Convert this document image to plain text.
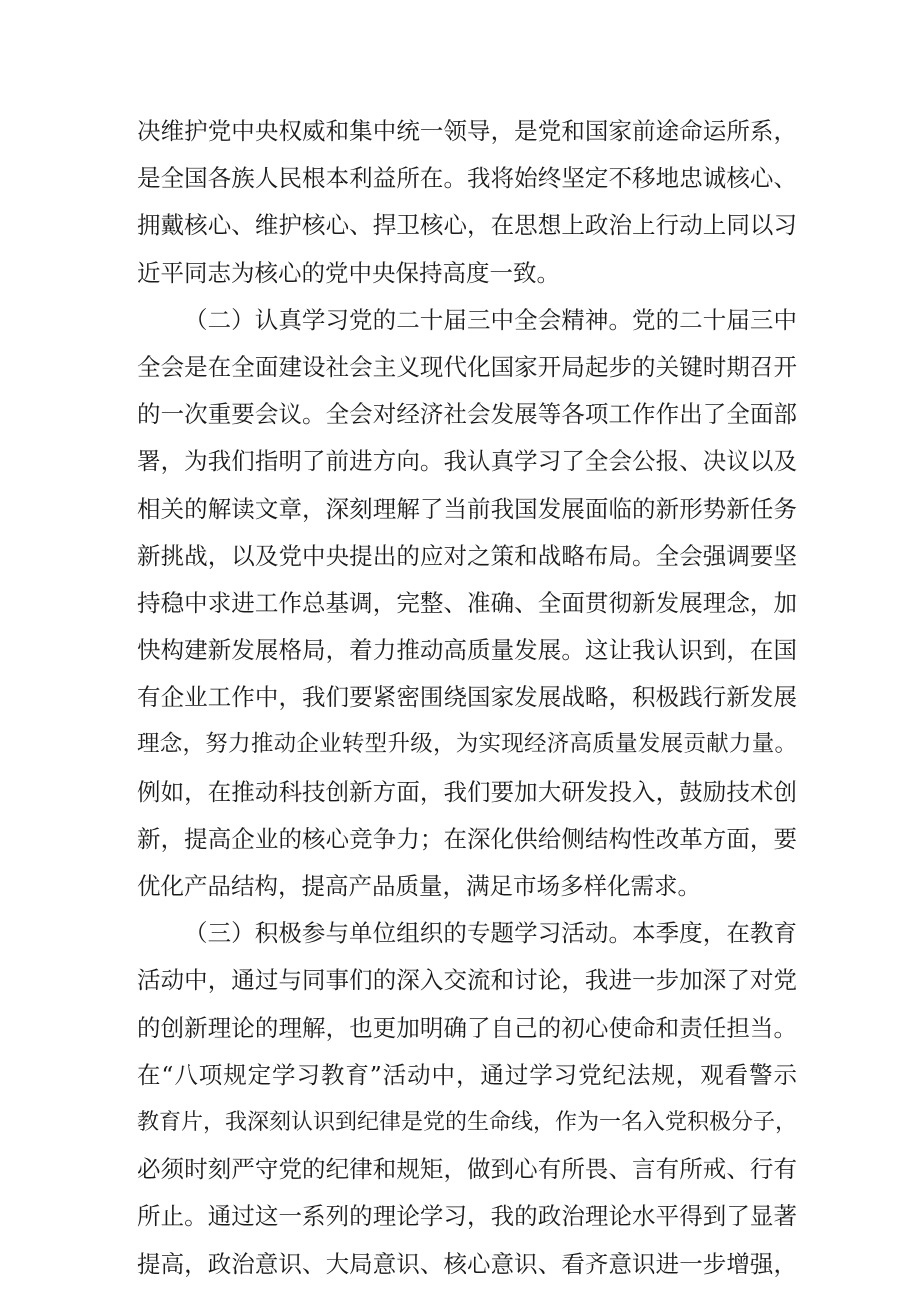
决维护党中央权威和集中统一领导，是党和国家前途命运所系，
是全国各族人民根本利益所在。我将始终坚定不移地忠诚核心、
拥戴核心、维护核心、捍卫核心，在思想上政治上行动上同以习
近平同志为核心的党中央保持高度一致。
（二）认真学习党的二十届三中全会精神。党的二十届三中
全会是在全面建设社会主义现代化国家开局起步的关键时期召开
的一次重要会议。全会对经济社会发展等各项工作作出了全面部
署，为我们指明了前进方向。我认真学习了全会公报、决议以及
相关的解读文章，深刻理解了当前我国发展面临的新形势新任务
新挑战，以及党中央提出的应对之策和战略布局。全会强调要坚
持稳中求进工作总基调，完整、准确、全面贯彻新发展理念，加
快构建新发展格局，着力推动高质量发展。这让我认识到，在国
有企业工作中，我们要紧密围绕国家发展战略，积极践行新发展
理念，努力推动企业转型升级，为实现经济高质量发展贡献力量。
例如，在推动科技创新方面，我们要加大研发投入，鼓励技术创
新，提高企业的核心竞争力；在深化供给侧结构性改革方面，要
优化产品结构，提高产品质量，满足市场多样化需求。
（三）积极参与单位组织的专题学习活动。本季度，在教育
活动中，通过与同事们的深入交流和讨论，我进一步加深了对党
的创新理论的理解，也更加明确了自己的初心使命和责任担当。
在“八项规定学习教育”活动中，通过学习党纪法规，观看警示
教育片，我深刻认识到纪律是党的生命线，作为一名入党积极分子，
必须时刻严守党的纪律和规矩，做到心有所畏、言有所戒、行有
所止。通过这一系列的理论学习，我的政治理论水平得到了显著
提高，政治意识、大局意识、核心意识、看齐意识进一步增强，
